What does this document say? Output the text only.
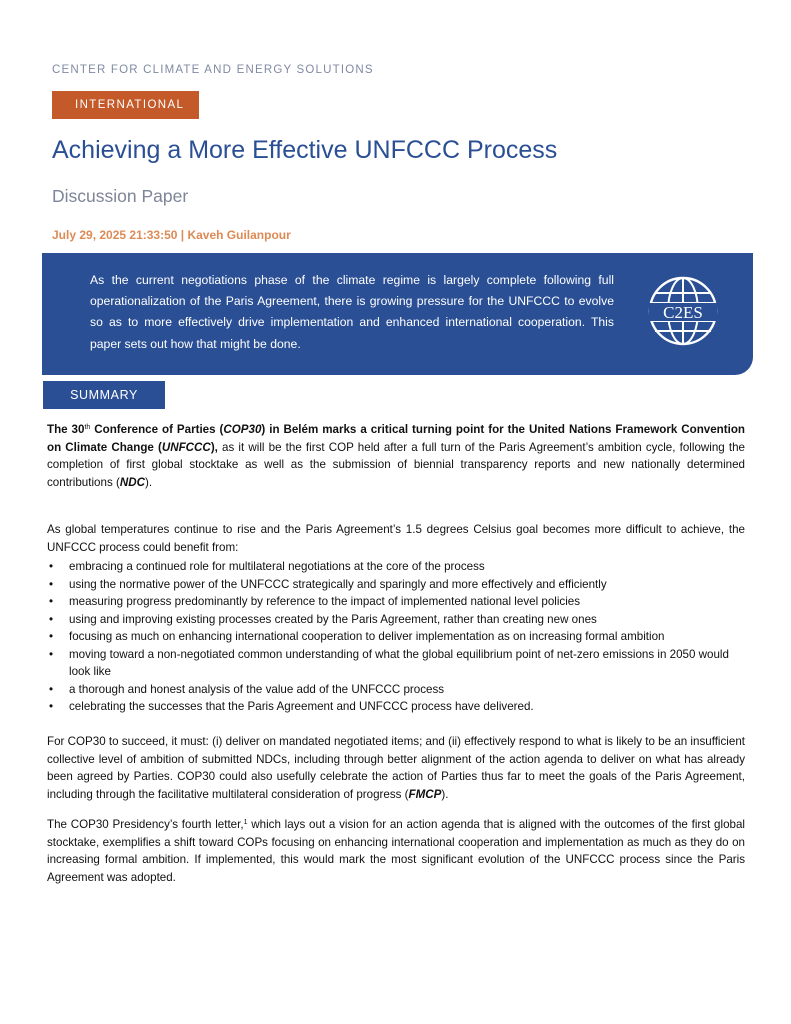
CENTER FOR CLIMATE AND ENERGY SOLUTIONS
INTERNATIONAL
Achieving a More Effective UNFCCC Process
Discussion Paper
July 29, 2025 21:33:50 | Kaveh Guilanpour
As the current negotiations phase of the climate regime is largely complete following full operationalization of the Paris Agreement, there is growing pressure for the UNFCCC to evolve so as to more effectively drive implementation and enhanced international cooperation. This paper sets out how that might be done.
C2ES
SUMMARY
The 30th Conference of Parties (COP30) in Belém marks a critical turning point for the United Nations Framework Convention on Climate Change (UNFCCC), as it will be the first COP held after a full turn of the Paris Agreement’s ambition cycle, following the completion of first global stocktake as well as the submission of biennial transparency reports and new nationally determined contributions (NDC).
As global temperatures continue to rise and the Paris Agreement’s 1.5 degrees Celsius goal becomes more difficult to achieve, the UNFCCC process could benefit from:
• embracing a continued role for multilateral negotiations at the core of the process
• using the normative power of the UNFCCC strategically and sparingly and more effectively and efficiently
• measuring progress predominantly by reference to the impact of implemented national level policies
• using and improving existing processes created by the Paris Agreement, rather than creating new ones
• focusing as much on enhancing international cooperation to deliver implementation as on increasing formal ambition
• moving toward a non-negotiated common understanding of what the global equilibrium point of net-zero emissions in 2050 would look like
• a thorough and honest analysis of the value add of the UNFCCC process
• celebrating the successes that the Paris Agreement and UNFCCC process have delivered.
For COP30 to succeed, it must: (i) deliver on mandated negotiated items; and (ii) effectively respond to what is likely to be an insufficient collective level of ambition of submitted NDCs, including through better alignment of the action agenda to deliver on what has already been agreed by Parties. COP30 could also usefully celebrate the action of Parties thus far to meet the goals of the Paris Agreement, including through the facilitative multilateral consideration of progress (FMCP).
The COP30 Presidency’s fourth letter,$^1$ which lays out a vision for an action agenda that is aligned with the outcomes of the first global stocktake, exemplifies a shift toward COPs focusing on enhancing international cooperation and implementation as much as they do on increasing formal ambition. If implemented, this would mark the most significant evolution of the UNFCCC process since the Paris Agreement was adopted.
